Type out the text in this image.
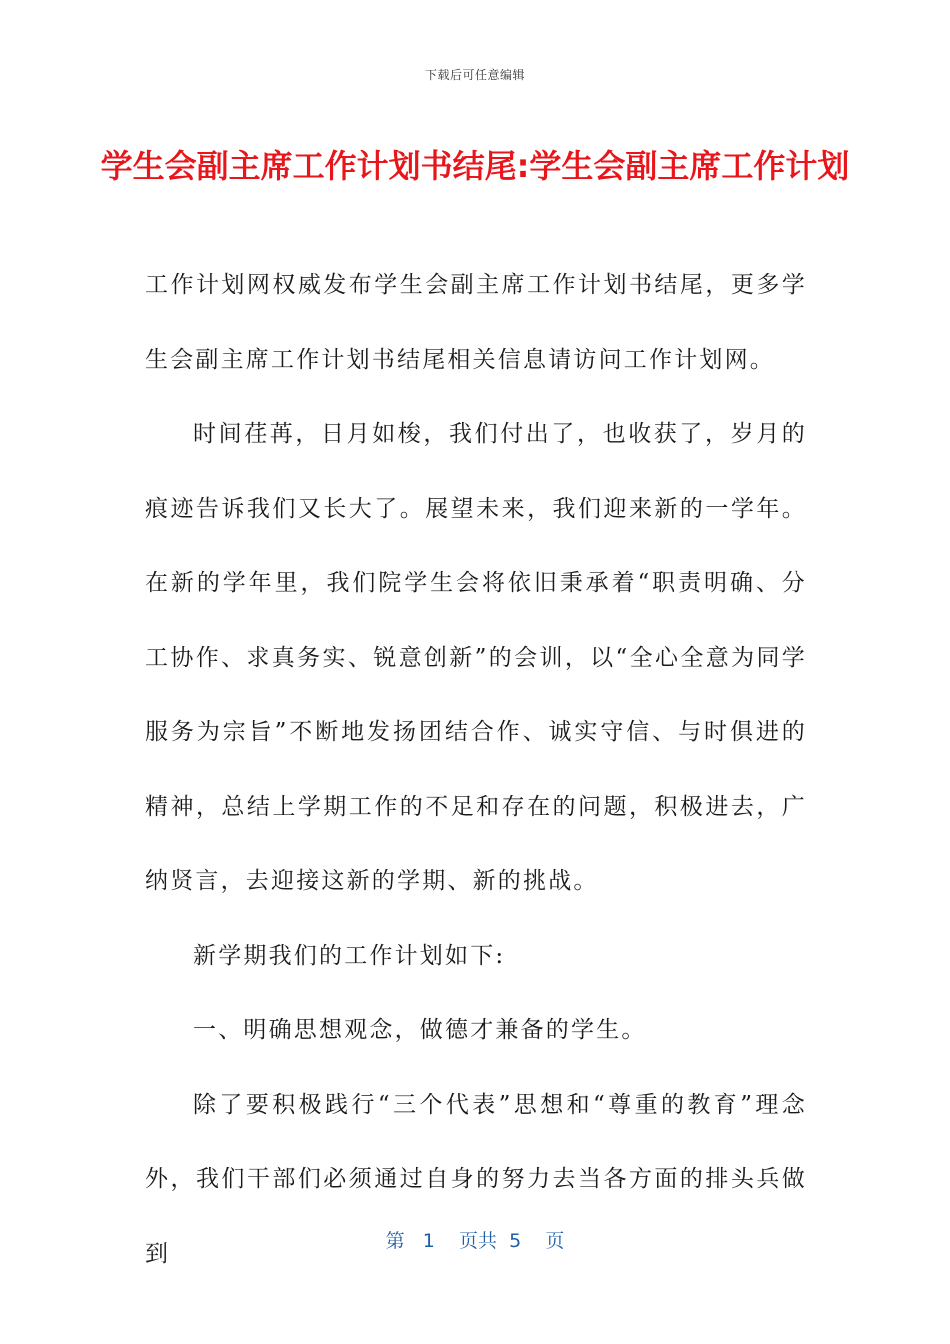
下载后可任意编辑
学生会副主席工作计划书结尾:学生会副主席工作计划

工作计划网权威发布学生会副主席工作计划书结尾，更多学生会副主席工作计划书结尾相关信息请访问工作计划网。

时间荏苒，日月如梭，我们付出了，也收获了，岁月的痕迹告诉我们又长大了。展望未来，我们迎来新的一学年。在新的学年里，我们院学生会将依旧秉承着“职责明确、分工协作、求真务实、锐意创新”的会训，以“全心全意为同学服务为宗旨”不断地发扬团结合作、诚实守信、与时俱进的精神，总结上学期工作的不足和存在的问题，积极进去，广纳贤言，去迎接这新的学期、新的挑战。

新学期我们的工作计划如下:

一、明确思想观念，做德才兼备的学生。

除了要积极践行“三个代表”思想和“尊重的教育”理念外，我们干部们必须通过自身的努力去当各方面的排头兵做到	第   1    页共  5    页
